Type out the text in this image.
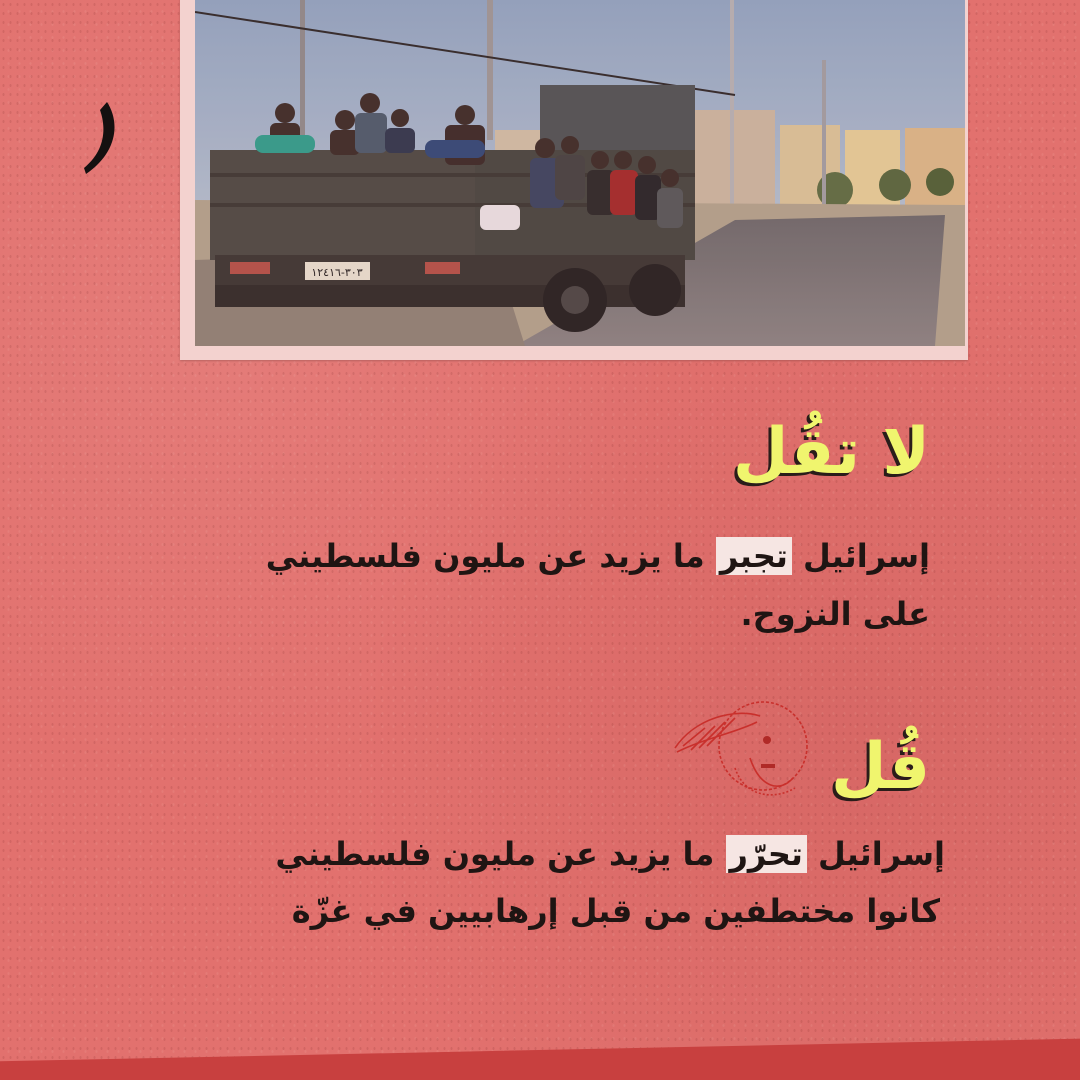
٣٠٣-١٢٤١٦
لا تقُل
إسرائيل تجبر ما يزيد عن مليون فلسطيني
على النزوح.
قُل
إسرائيل تحرّر ما يزيد عن مليون فلسطيني
كانوا مختطفين من قبل إرهابيين في غزّة
